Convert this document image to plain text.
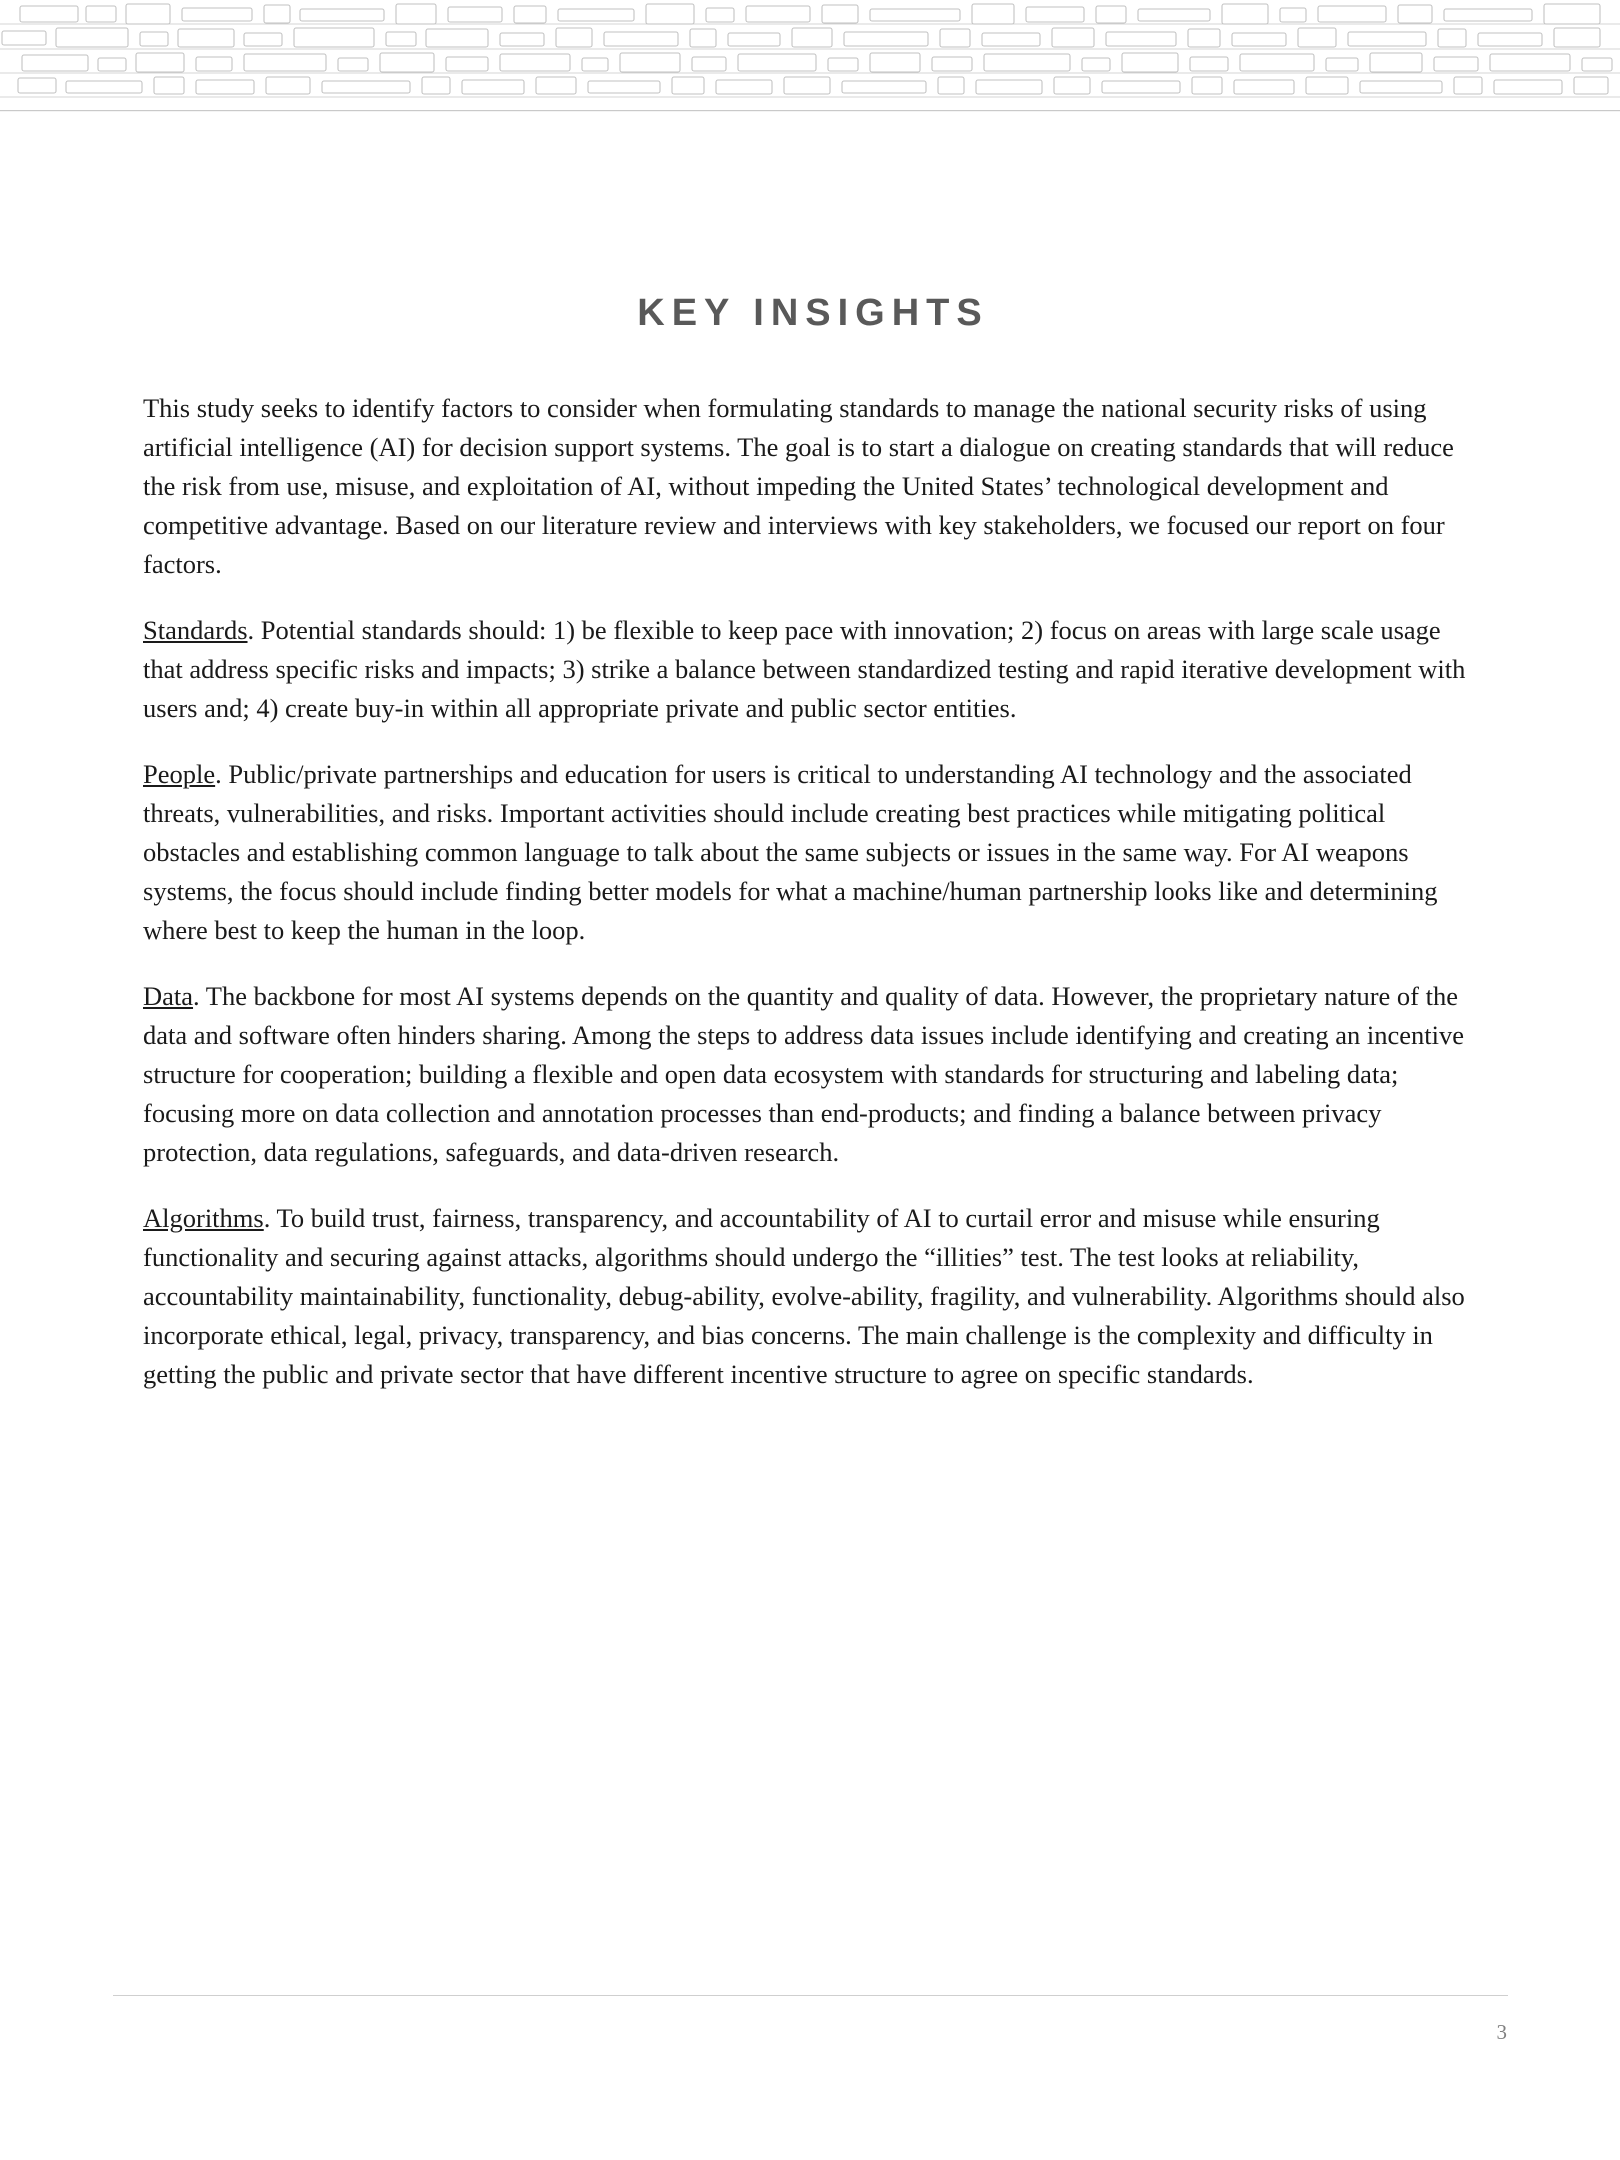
KEY INSIGHTS

This study seeks to identify factors to consider when formulating standards to manage the national security risks of using artificial intelligence (AI) for decision support systems. The goal is to start a dialogue on creating standards that will reduce the risk from use, misuse, and exploitation of AI, without impeding the United States’ technological development and competitive advantage. Based on our literature review and interviews with key stakeholders, we focused our report on four factors.

Standards. Potential standards should: 1) be flexible to keep pace with innovation; 2) focus on areas with large scale usage that address specific risks and impacts; 3) strike a balance between standardized testing and rapid iterative development with users and; 4) create buy-in within all appropriate private and public sector entities.

People. Public/private partnerships and education for users is critical to understanding AI technology and the associated threats, vulnerabilities, and risks. Important activities should include creating best practices while mitigating political obstacles and establishing common language to talk about the same subjects or issues in the same way. For AI weapons systems, the focus should include finding better models for what a machine/human partnership looks like and determining where best to keep the human in the loop.

Data. The backbone for most AI systems depends on the quantity and quality of data. However, the proprietary nature of the data and software often hinders sharing. Among the steps to address data issues include identifying and creating an incentive structure for cooperation; building a flexible and open data ecosystem with standards for structuring and labeling data; focusing more on data collection and annotation processes than end-products; and finding a balance between privacy protection, data regulations, safeguards, and data-driven research.

Algorithms. To build trust, fairness, transparency, and accountability of AI to curtail error and misuse while ensuring functionality and securing against attacks, algorithms should undergo the “illities” test. The test looks at reliability, accountability maintainability, functionality, debug-ability, evolve-ability, fragility, and vulnerability. Algorithms should also incorporate ethical, legal, privacy, transparency, and bias concerns. The main challenge is the complexity and difficulty in getting the public and private sector that have different incentive structure to agree on specific standards.

3
